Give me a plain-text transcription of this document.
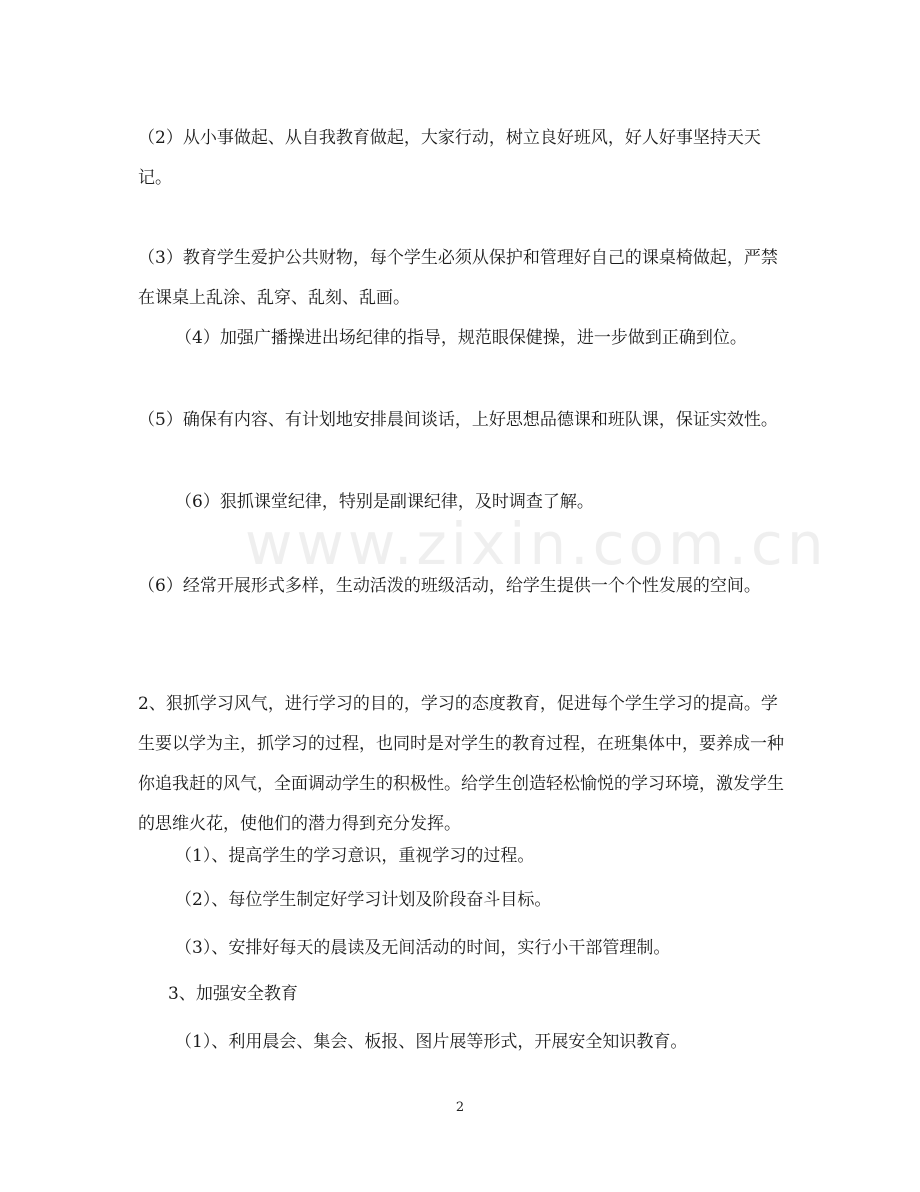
www.zixin.com.cn

（2）从小事做起、从自我教育做起，大家行动，树立良好班风，好人好事坚持天天记。

（3）教育学生爱护公共财物，每个学生必须从保护和管理好自己的课桌椅做起，严禁在课桌上乱涂、乱穿、乱刻、乱画。

（4）加强广播操进出场纪律的指导，规范眼保健操，进一步做到正确到位。

（5）确保有内容、有计划地安排晨间谈话，上好思想品德课和班队课，保证实效性。

（6）狠抓课堂纪律，特别是副课纪律，及时调查了解。

（6）经常开展形式多样，生动活泼的班级活动，给学生提供一个个性发展的空间。

2、狠抓学习风气，进行学习的目的，学习的态度教育，促进每个学生学习的提高。学生要以学为主，抓学习的过程，也同时是对学生的教育过程，在班集体中，要养成一种你追我赶的风气，全面调动学生的积极性。给学生创造轻松愉悦的学习环境，激发学生的思维火花，使他们的潜力得到充分发挥。

（1）、提高学生的学习意识，重视学习的过程。

（2）、每位学生制定好学习计划及阶段奋斗目标。

（3）、安排好每天的晨读及无间活动的时间，实行小干部管理制。

3、加强安全教育

（1）、利用晨会、集会、板报、图片展等形式，开展安全知识教育。

2
